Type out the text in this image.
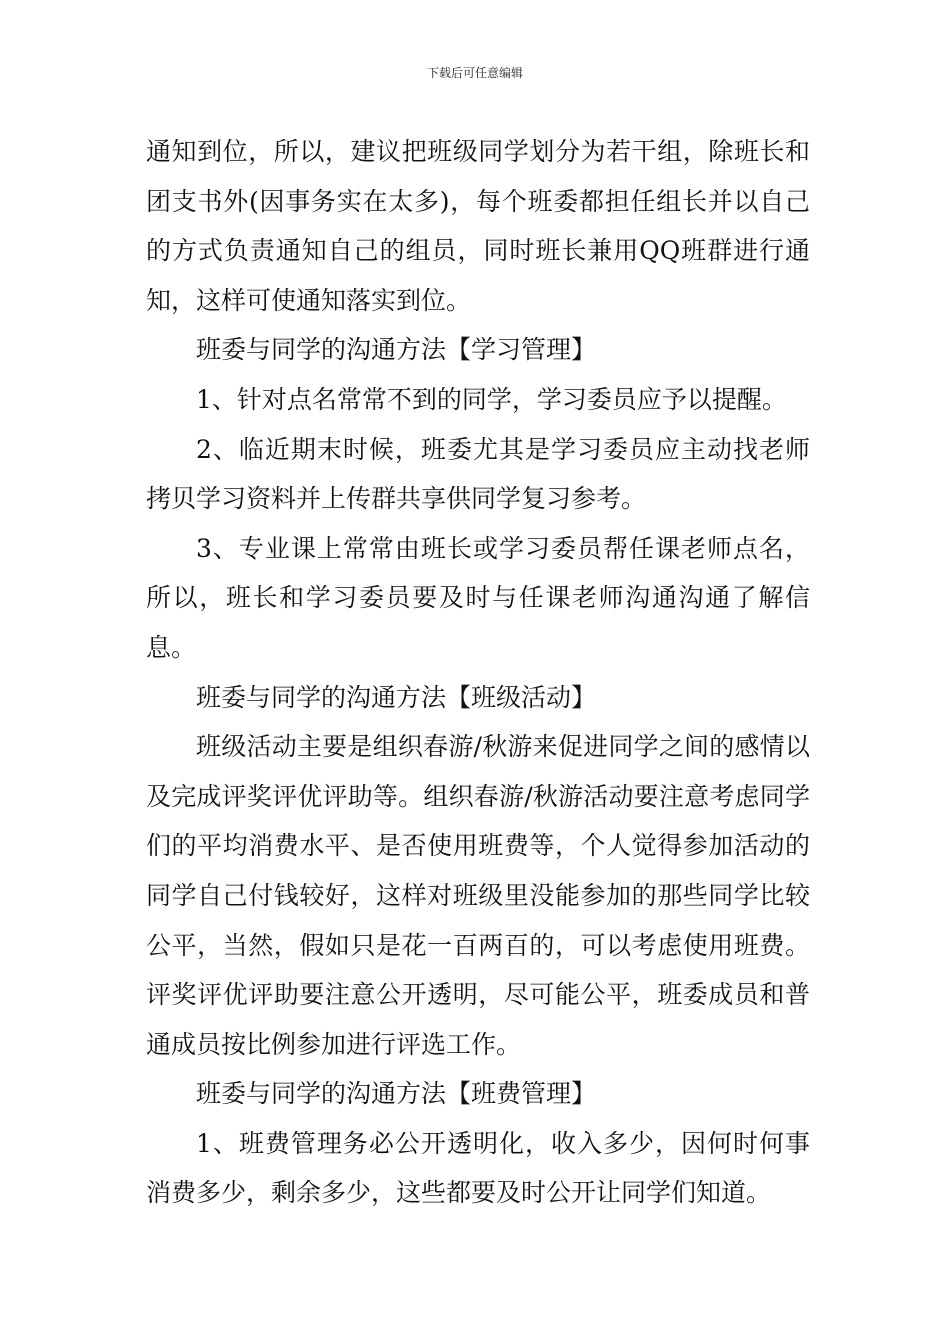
下载后可任意编辑

通知到位，所以，建议把班级同学划分为若干组，除班长和团支书外(因事务实在太多)，每个班委都担任组长并以自己的方式负责通知自己的组员，同时班长兼用QQ班群进行通知，这样可使通知落实到位。

班委与同学的沟通方法【学习管理】

1、针对点名常常不到的同学，学习委员应予以提醒。

2、临近期末时候，班委尤其是学习委员应主动找老师拷贝学习资料并上传群共享供同学复习参考。

3、专业课上常常由班长或学习委员帮任课老师点名，所以，班长和学习委员要及时与任课老师沟通沟通了解信息。

班委与同学的沟通方法【班级活动】

班级活动主要是组织春游/秋游来促进同学之间的感情以及完成评奖评优评助等。组织春游/秋游活动要注意考虑同学们的平均消费水平、是否使用班费等，个人觉得参加活动的同学自己付钱较好，这样对班级里没能参加的那些同学比较公平，当然，假如只是花一百两百的，可以考虑使用班费。评奖评优评助要注意公开透明，尽可能公平，班委成员和普通成员按比例参加进行评选工作。

班委与同学的沟通方法【班费管理】

1、班费管理务必公开透明化，收入多少，因何时何事消费多少，剩余多少，这些都要及时公开让同学们知道。
